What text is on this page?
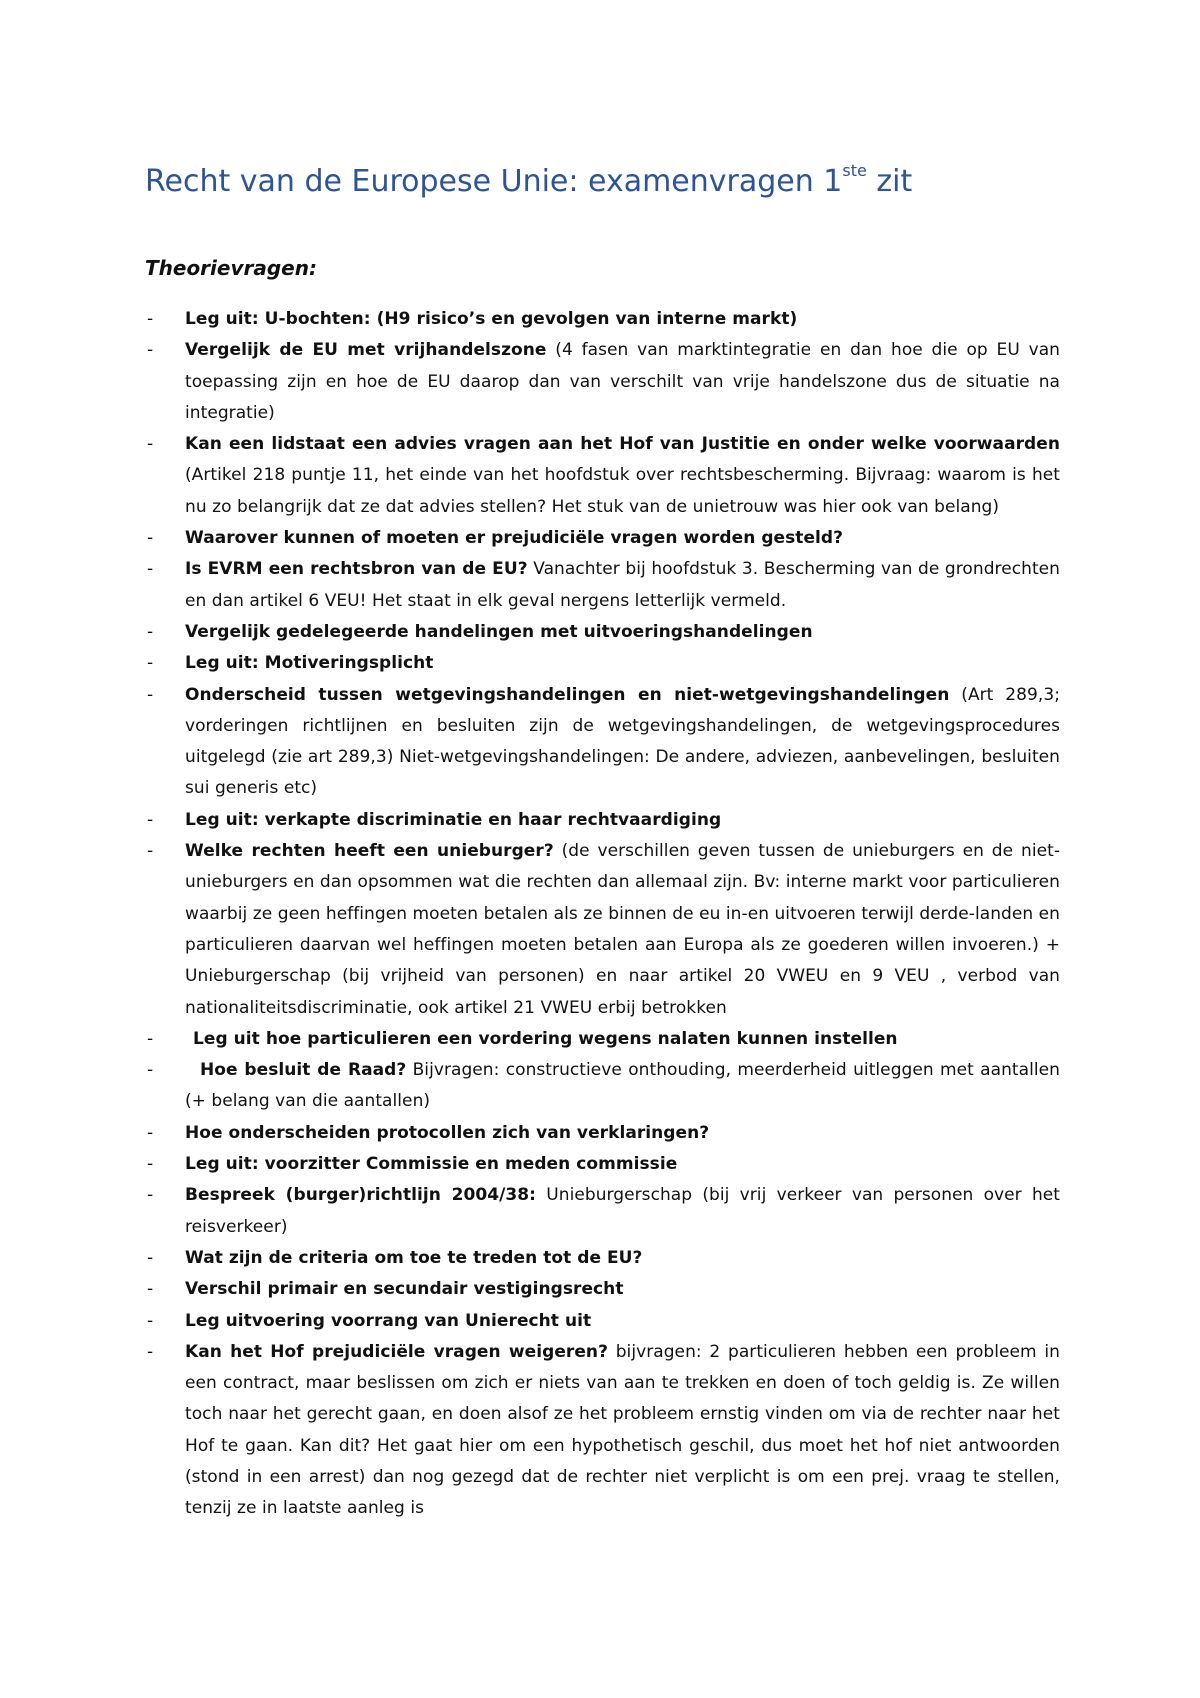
Recht van de Europese Unie: examenvragen 1ste zit
Theorievragen:
- Leg uit: U-bochten: (H9 risico’s en gevolgen van interne markt)
- Vergelijk de EU met vrijhandelszone (4 fasen van marktintegratie en dan hoe die op EU van toepassing zijn en hoe de EU daarop dan van verschilt van vrije handelszone dus de situatie na integratie)
- Kan een lidstaat een advies vragen aan het Hof van Justitie en onder welke voorwaarden (Artikel 218 puntje 11, het einde van het hoofdstuk over rechtsbescherming. Bijvraag: waarom is het nu zo belangrijk dat ze dat advies stellen? Het stuk van de unietrouw was hier ook van belang)
- Waarover kunnen of moeten er prejudiciële vragen worden gesteld?
- Is EVRM een rechtsbron van de EU? Vanachter bij hoofdstuk 3. Bescherming van de grondrechten en dan artikel 6 VEU! Het staat in elk geval nergens letterlijk vermeld.
- Vergelijk gedelegeerde handelingen met uitvoeringshandelingen
- Leg uit: Motiveringsplicht
- Onderscheid tussen wetgevingshandelingen en niet-wetgevingshandelingen (Art 289,3; vorderingen richtlijnen en besluiten zijn de wetgevingshandelingen, de wetgevingsprocedures uitgelegd (zie art 289,3) Niet-wetgevingshandelingen: De andere, adviezen, aanbevelingen, besluiten sui generis etc)
- Leg uit: verkapte discriminatie en haar rechtvaardiging
- Welke rechten heeft een unieburger? (de verschillen geven tussen de unieburgers en de niet-unieburgers en dan opsommen wat die rechten dan allemaal zijn. Bv: interne markt voor particulieren waarbij ze geen heffingen moeten betalen als ze binnen de eu in-en uitvoeren terwijl derde-landen en particulieren daarvan wel heffingen moeten betalen aan Europa als ze goederen willen invoeren.) + Unieburgerschap (bij vrijheid van personen) en naar artikel 20 VWEU en 9 VEU , verbod van nationaliteitsdiscriminatie, ook artikel 21 VWEU erbij betrokken
- Leg uit hoe particulieren een vordering wegens nalaten kunnen instellen
-	Hoe besluit de Raad? Bijvragen: constructieve onthouding, meerderheid uitleggen met aantallen (+ belang van die aantallen)
- Hoe onderscheiden protocollen zich van verklaringen?
- Leg uit: voorzitter Commissie en meden commissie
- Bespreek (burger)richtlijn 2004/38: Unieburgerschap (bij vrij verkeer van personen over het reisverkeer)
- Wat zijn de criteria om toe te treden tot de EU?
- Verschil primair en secundair vestigingsrecht
- Leg uitvoering voorrang van Unierecht uit
- Kan het Hof prejudiciële vragen weigeren? bijvragen: 2 particulieren hebben een probleem in een contract, maar beslissen om zich er niets van aan te trekken en doen of toch geldig is. Ze willen toch naar het gerecht gaan, en doen alsof ze het probleem ernstig vinden om via de rechter naar het Hof te gaan. Kan dit? Het gaat hier om een hypothetisch geschil, dus moet het hof niet antwoorden (stond in een arrest) dan nog gezegd dat de rechter niet verplicht is om een prej. vraag te stellen, tenzij ze in laatste aanleg is
